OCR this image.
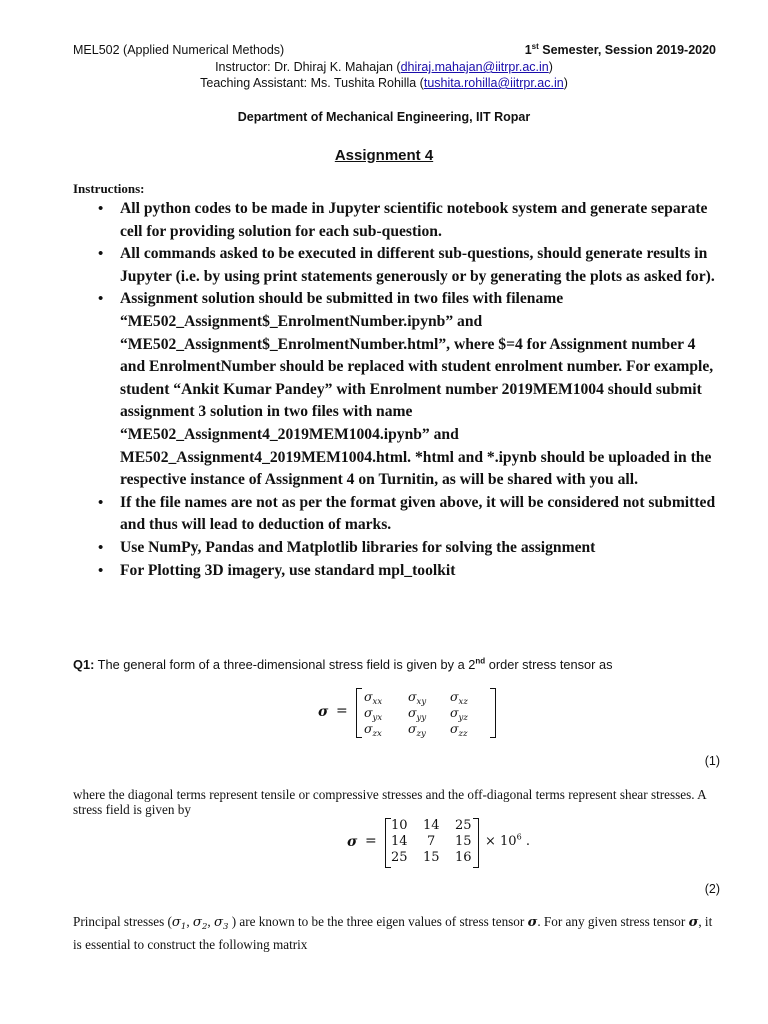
MEL502 (Applied Numerical Methods)	1st Semester, Session 2019-2020
Instructor: Dr. Dhiraj K. Mahajan (dhiraj.mahajan@iitrpr.ac.in)
Teaching Assistant: Ms. Tushita Rohilla (tushita.rohilla@iitrpr.ac.in)
Department of Mechanical Engineering, IIT Ropar
Assignment 4
Instructions:
• All python codes to be made in Jupyter scientific notebook system and generate separate cell for providing solution for each sub-question.
• All commands asked to be executed in different sub-questions, should generate results in Jupyter (i.e. by using print statements generously or by generating the plots as asked for).
• Assignment solution should be submitted in two files with filename “ME502_Assignment$_EnrolmentNumber.ipynb” and “ME502_Assignment$_EnrolmentNumber.html”, where $=4 for Assignment number 4 and EnrolmentNumber should be replaced with student enrolment number. For example, student “Ankit Kumar Pandey” with Enrolment number 2019MEM1004 should submit assignment 3 solution in two files with name “ME502_Assignment4_2019MEM1004.ipynb” and ME502_Assignment4_2019MEM1004.html. *html and *.ipynb should be uploaded in the respective instance of Assignment 4 on Turnitin, as will be shared with you all.
• If the file names are not as per the format given above, it will be considered not submitted and thus will lead to deduction of marks.
• Use NumPy, Pandas and Matplotlib libraries for solving the assignment
• For Plotting 3D imagery, use standard mpl_toolkit
Q1: The general form of a three-dimensional stress field is given by a 2nd order stress tensor as
σ =
$\sigma_{xx}$ $\sigma_{xy}$ $\sigma_{xz}$
$\sigma_{yx}$ $\sigma_{yy}$ $\sigma_{yz}$
$\sigma_{zx}$ $\sigma_{zy}$ $\sigma_{zz}$
(1)
where the diagonal terms represent tensile or compressive stresses and the off-diagonal terms represent shear stresses. A stress field is given by
σ =
10 14 25
14 7 15
25 15 16
× $10^6$ .
(2)
Principal stresses ($\sigma_1$, $\sigma_2$, $\sigma_3$ ) are known to be the three eigen values of stress tensor σ. For any given stress tensor σ, it is essential to construct the following matrix
